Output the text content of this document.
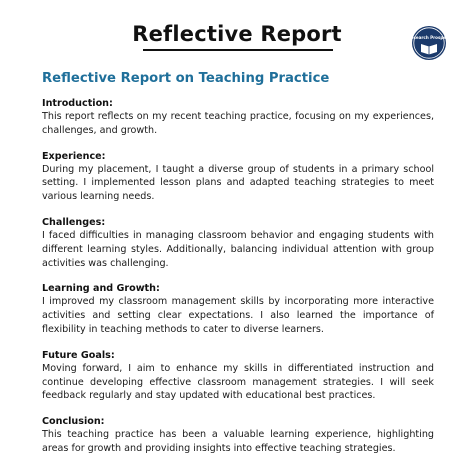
Reflective Report	Research Prospect
Reflective Report on Teaching Practice
Introduction:
This report reflects on my recent teaching practice, focusing on my experiences, challenges, and growth.
Experience:
During my placement, I taught a diverse group of students in a primary school setting. I implemented lesson plans and adapted teaching strategies to meet various learning needs.
Challenges:
I faced difficulties in managing classroom behavior and engaging students with different learning styles. Additionally, balancing individual attention with group activities was challenging.
Learning and Growth:
I improved my classroom management skills by incorporating more interactive activities and setting clear expectations. I also learned the importance of flexibility in teaching methods to cater to diverse learners.
Future Goals:
Moving forward, I aim to enhance my skills in differentiated instruction and continue developing effective classroom management strategies. I will seek feedback regularly and stay updated with educational best practices.
Conclusion:
This teaching practice has been a valuable learning experience, highlighting areas for growth and providing insights into effective teaching strategies.
